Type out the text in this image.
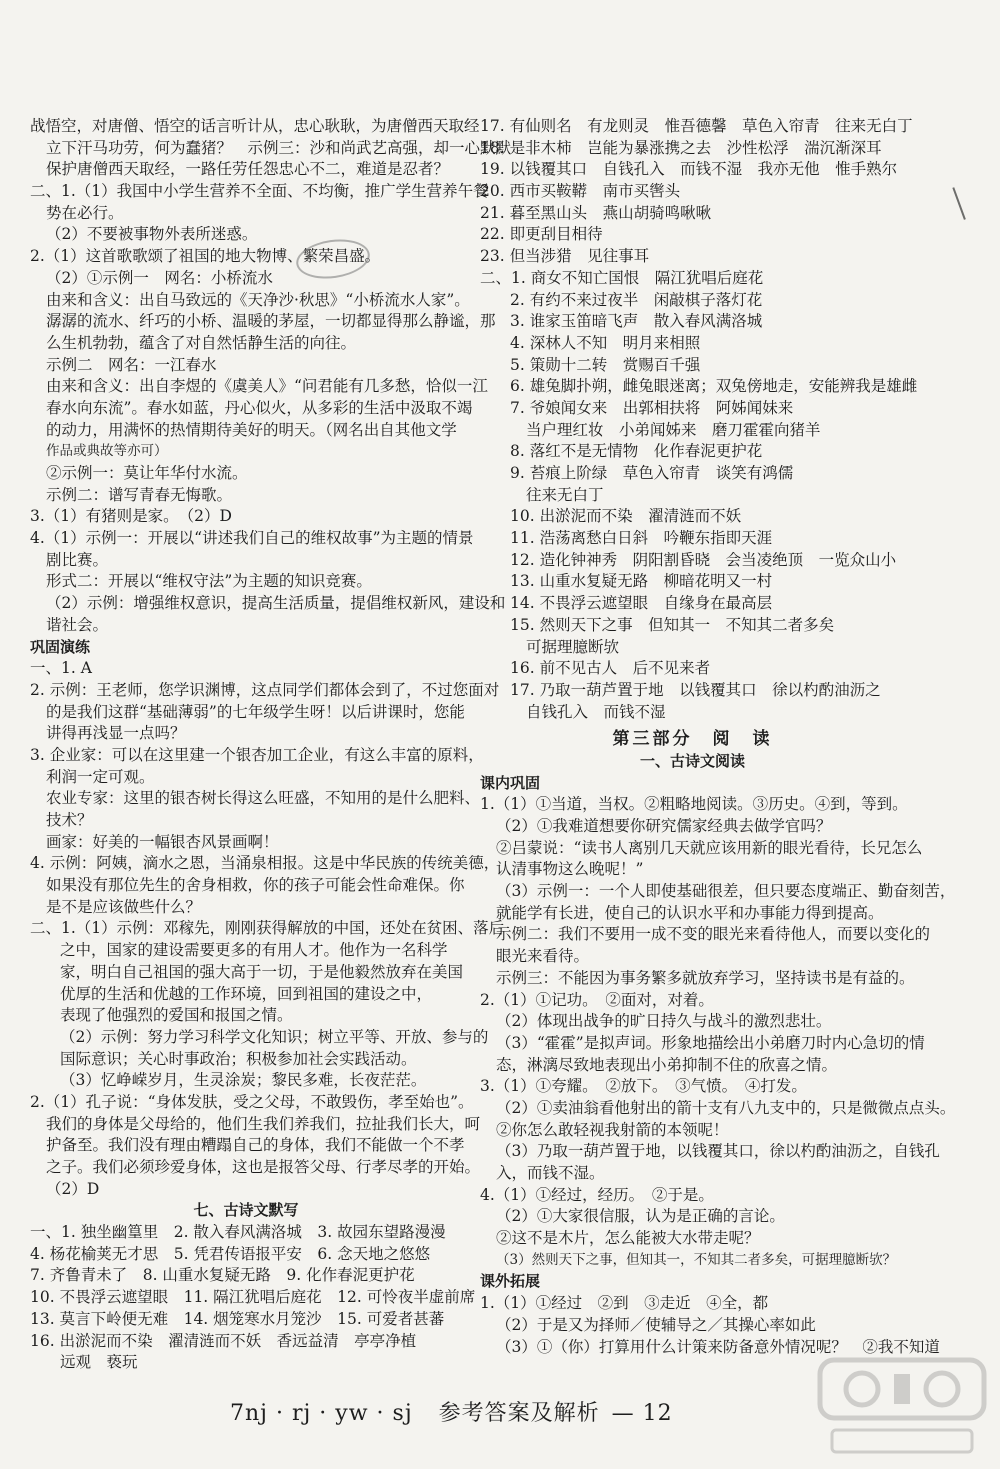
战悟空，对唐僧、悟空的话言听计从，忠心耿耿，为唐僧西天取经
立下汗马功劳，何为蠢猪？　示例三：沙和尚武艺高强，却一心默默
保护唐僧西天取经，一路任劳任怨忠心不二，难道是忍者？
二、1.（1）我国中小学生营养不全面、不均衡，推广学生营养午餐
势在必行。
（2）不要被事物外表所迷惑。
2.（1）这首歌歌颂了祖国的地大物博、繁荣昌盛。
（2）①示例一　网名：小桥流水
由来和含义：出自马致远的《天净沙·秋思》“小桥流水人家”。
潺潺的流水、纤巧的小桥、温暖的茅屋，一切都显得那么静谧，那
么生机勃勃，蕴含了对自然恬静生活的向往。
示例二　网名：一江春水
由来和含义：出自李煜的《虞美人》“问君能有几多愁，恰似一江
春水向东流”。春水如蓝，丹心似火，从多彩的生活中汲取不竭
的动力，用满怀的热情期待美好的明天。（网名出自其他文学
作品或典故等亦可）
②示例一：莫让年华付水流。
示例二：谱写青春无悔歌。
3.（1）有猪则是家。　（2）D
4.（1）示例一：开展以“讲述我们自己的维权故事”为主题的情景
剧比赛。
形式二：开展以“维权守法”为主题的知识竞赛。
（2）示例：增强维权意识，提高生活质量，提倡维权新风，建设和
谐社会。
巩固演练
一、1. A
2. 示例：王老师，您学识渊博，这点同学们都体会到了，不过您面对
的是我们这群“基础薄弱”的七年级学生呀！以后讲课时，您能
讲得再浅显一点吗？
3. 企业家：可以在这里建一个银杏加工企业，有这么丰富的原料，
利润一定可观。
农业专家：这里的银杏树长得这么旺盛，不知用的是什么肥料、
技术？
画家：好美的一幅银杏风景画啊！
4. 示例：阿姨，滴水之恩，当涌泉相报。这是中华民族的传统美德，
如果没有那位先生的舍身相救，你的孩子可能会性命难保。你
是不是应该做些什么？
二、1.（1）示例：邓稼先，刚刚获得解放的中国，还处在贫困、落后
之中，国家的建设需要更多的有用人才。他作为一名科学
家，明白自己祖国的强大高于一切，于是他毅然放弃在美国
优厚的生活和优越的工作环境，回到祖国的建设之中，
表现了他强烈的爱国和报国之情。
（2）示例：努力学习科学文化知识；树立平等、开放、参与的
国际意识；关心时事政治；积极参加社会实践活动。
（3）忆峥嵘岁月，生灵涂炭；黎民多难，长夜茫茫。
2.（1）孔子说：“身体发肤，受之父母，不敢毁伤，孝至始也”。
我们的身体是父母给的，他们生我们养我们，拉扯我们长大，呵
护备至。我们没有理由糟蹋自己的身体，我们不能做一个不孝
之子。我们必须珍爱身体，这也是报答父母、行孝尽孝的开始。
（2）D
七、古诗文默写
一、1. 独坐幽篁里　2. 散入春风满洛城　3. 故园东望路漫漫
4. 杨花榆荚无才思　5. 凭君传语报平安　6. 念天地之悠悠
7. 齐鲁青未了　8. 山重水复疑无路　9. 化作春泥更护花
10. 不畏浮云遮望眼　11. 隔江犹唱后庭花　12. 可怜夜半虚前席
13. 莫言下岭便无难　14. 烟笼寒水月笼沙　15. 可爱者甚蕃
16. 出淤泥而不染　濯清涟而不妖　香远益清　亭亭净植
远观　亵玩
17. 有仙则名　有龙则灵　惟吾德馨　草色入帘青　往来无白丁
18. 是非木柿　岂能为暴涨携之去　沙性松浮　湍沉渐深耳
19. 以钱覆其口　自钱孔入　而钱不湿　我亦无他　惟手熟尔
20. 西市买鞍鞯　南市买辔头
21. 暮至黑山头　燕山胡骑鸣啾啾
22. 即更刮目相待
23. 但当涉猎　见往事耳
二、1. 商女不知亡国恨　隔江犹唱后庭花
2. 有约不来过夜半　闲敲棋子落灯花
3. 谁家玉笛暗飞声　散入春风满洛城
4. 深林人不知　明月来相照
5. 策勋十二转　赏赐百千强
6. 雄兔脚扑朔，雌兔眼迷离；双兔傍地走，安能辨我是雄雌
7. 爷娘闻女来　出郭相扶将　阿姊闻妹来
当户理红妆　小弟闻姊来　磨刀霍霍向猪羊
8. 落红不是无情物　化作春泥更护花
9. 苔痕上阶绿　草色入帘青　谈笑有鸿儒
往来无白丁
10. 出淤泥而不染　濯清涟而不妖
11. 浩荡离愁白日斜　吟鞭东指即天涯
12. 造化钟神秀　阴阳割昏晓　会当凌绝顶　一览众山小
13. 山重水复疑无路　柳暗花明又一村
14. 不畏浮云遮望眼　自缘身在最高层
15. 然则天下之事　但知其一　不知其二者多矣
可据理臆断欤
16. 前不见古人　后不见来者
17. 乃取一葫芦置于地　以钱覆其口　徐以杓酌油沥之
自钱孔入　而钱不湿
第三部分　阅　读
一、古诗文阅读
课内巩固
1.（1）①当道，当权。②粗略地阅读。③历史。④到，等到。
（2）①我难道想要你研究儒家经典去做学官吗？
②吕蒙说：“读书人离别几天就应该用新的眼光看待，长兄怎么
认清事物这么晚呢！”
（3）示例一：一个人即使基础很差，但只要态度端正、勤奋刻苦，
就能学有长进，使自己的认识水平和办事能力得到提高。
示例二：我们不要用一成不变的眼光来看待他人，而要以变化的
眼光来看待。
示例三：不能因为事务繁多就放弃学习，坚持读书是有益的。
2.（1）①记功。　②面对，对着。
（2）体现出战争的旷日持久与战斗的激烈悲壮。
（3）“霍霍”是拟声词。形象地描绘出小弟磨刀时内心急切的情
态，淋漓尽致地表现出小弟抑制不住的欣喜之情。
3.（1）①夸耀。　②放下。　③气愤。　④打发。
（2）①卖油翁看他射出的箭十支有八九支中的，只是微微点点头。
②你怎么敢轻视我射箭的本领呢！
（3）乃取一葫芦置于地，以钱覆其口，徐以杓酌油沥之，自钱孔
入，而钱不湿。
4.（1）①经过，经历。　②于是。
（2）①大家很信服，认为是正确的言论。
②这不是木片，怎么能被大水带走呢？
（3）然则天下之事，但知其一，不知其二者多矣，可据理臆断欤？
课外拓展
1.（1）①经过　②到　③走近　④全，都
（2）于是又为择师／使辅导之／其操心率如此
（3）①（你）打算用什么计策来防备意外情况呢？　②我不知道
7nj · rj · yw · sj 参考答案及解析 — 12
